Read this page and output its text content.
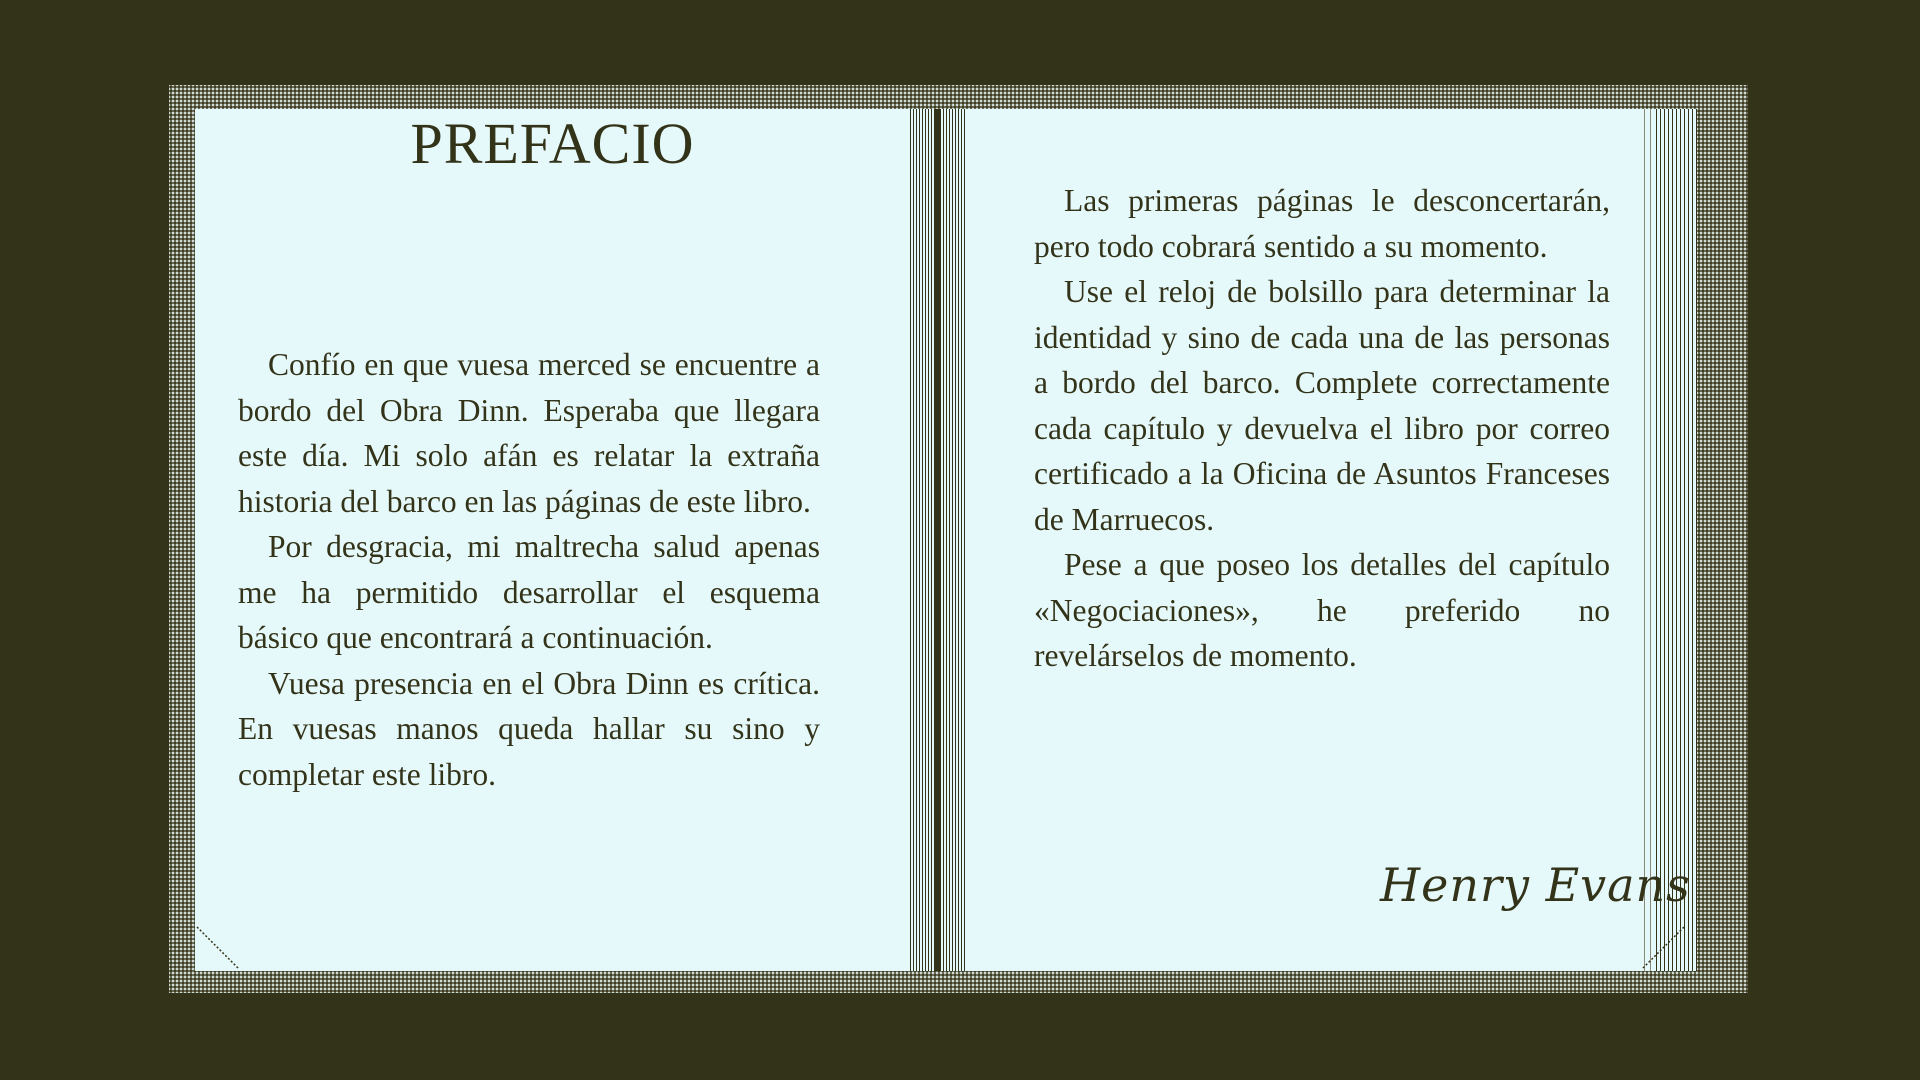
PREFACIO

Confío en que vuesa merced se encuentre a bordo del Obra Dinn. Esperaba que llegara este día. Mi solo afán es relatar la extraña historia del barco en las páginas de este libro.

Por desgracia, mi maltrecha salud apenas me ha permitido desarrollar el esquema básico que encontrará a continuación.

Vuesa presencia en el Obra Dinn es crítica. En vuesas manos queda hallar su sino y completar este libro.

Las primeras páginas le desconcertarán, pero todo cobrará sentido a su momento.

Use el reloj de bolsillo para determinar la identidad y sino de cada una de las personas a bordo del barco. Complete correctamente cada capítulo y devuelva el libro por correo certificado a la Oficina de Asuntos Franceses de Marruecos.

Pese a que poseo los detalles del capítulo «Negociaciones», he preferido no revelárselos de momento.

Henry Evans
